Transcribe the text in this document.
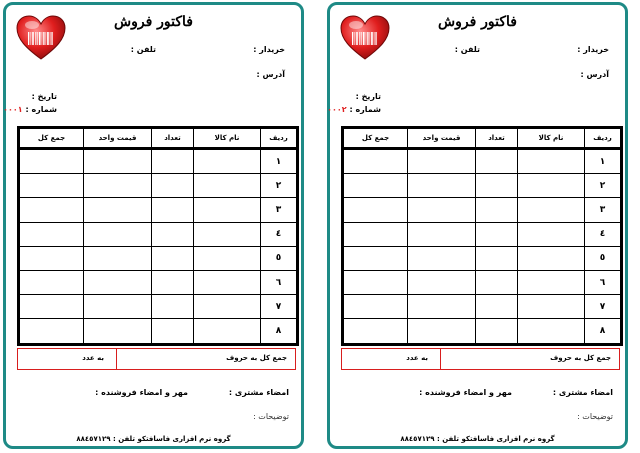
فاکتور فروش
خریدار :
تلفن :
آدرس :
تاریخ :
شماره : ٠٠٠١
ردیف	نام کالا	تعداد	قیمت واحد	جمع کل
١				
٢				
٣				
٤				
٥				
٦				
٧				
٨				
جمع کل به حروف
به عدد
امضاء مشتری :
مهر و امضاء فروشنده :
توضیحات :
گروه نرم افزاری فاسافتکو تلفن : ٨٨٤٥٧١٢٩
فاکتور فروش
خریدار :
تلفن :
آدرس :
تاریخ :
شماره : ٠٠٠٢
ردیف	نام کالا	تعداد	قیمت واحد	جمع کل
١				
٢				
٣				
٤				
٥				
٦				
٧				
٨				
جمع کل به حروف
به عدد
امضاء مشتری :
مهر و امضاء فروشنده :
توضیحات :
گروه نرم افزاری فاسافتکو تلفن : ٨٨٤٥٧١٢٩
